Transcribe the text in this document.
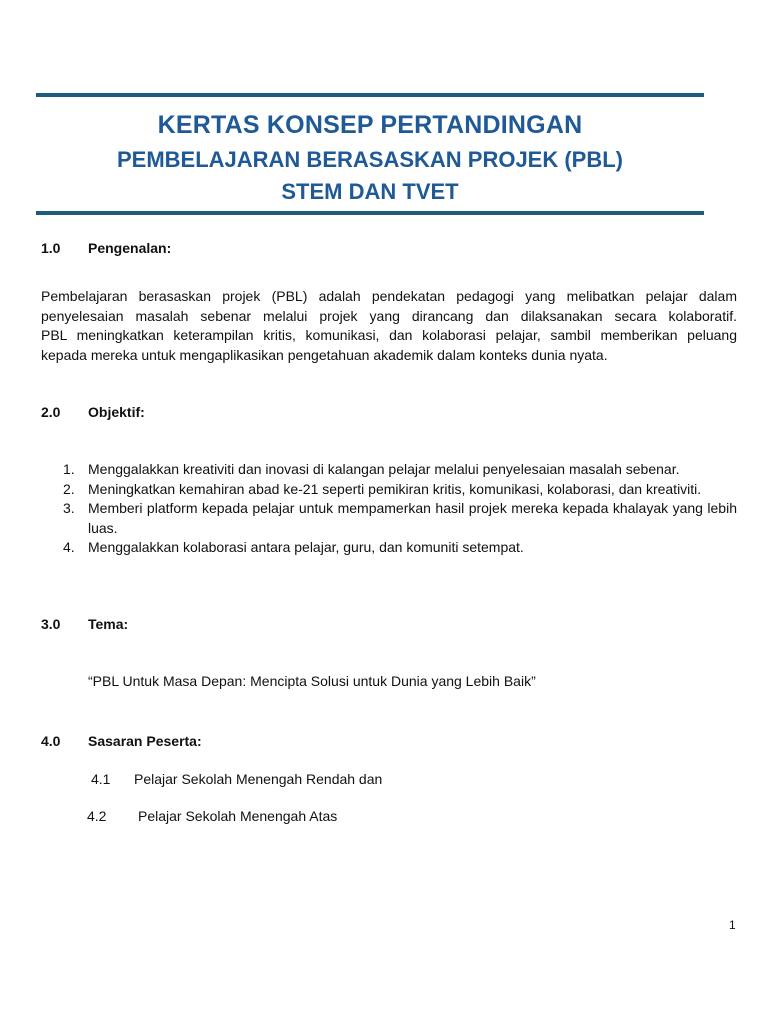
KERTAS KONSEP PERTANDINGAN
PEMBELAJARAN BERASASKAN PROJEK (PBL)
STEM DAN TVET

1.0 Pengenalan:

Pembelajaran berasaskan projek (PBL) adalah pendekatan pedagogi yang melibatkan pelajar dalam
penyelesaian masalah sebenar melalui projek yang dirancang dan dilaksanakan secara kolaboratif.
PBL meningkatkan keterampilan kritis, komunikasi, dan kolaborasi pelajar, sambil memberikan peluang
kepada mereka untuk mengaplikasikan pengetahuan akademik dalam konteks dunia nyata.

2.0 Objektif:

1. Menggalakkan kreativiti dan inovasi di kalangan pelajar melalui penyelesaian masalah sebenar.
2. Meningkatkan kemahiran abad ke-21 seperti pemikiran kritis, komunikasi, kolaborasi, dan kreativiti.
3. Memberi platform kepada pelajar untuk mempamerkan hasil projek mereka kepada khalayak yang lebih luas.
4. Menggalakkan kolaborasi antara pelajar, guru, dan komuniti setempat.

3.0 Tema:

“PBL Untuk Masa Depan: Mencipta Solusi untuk Dunia yang Lebih Baik”

4.0 Sasaran Peserta:

4.1 Pelajar Sekolah Menengah Rendah dan

4.2 Pelajar Sekolah Menengah Atas

1
